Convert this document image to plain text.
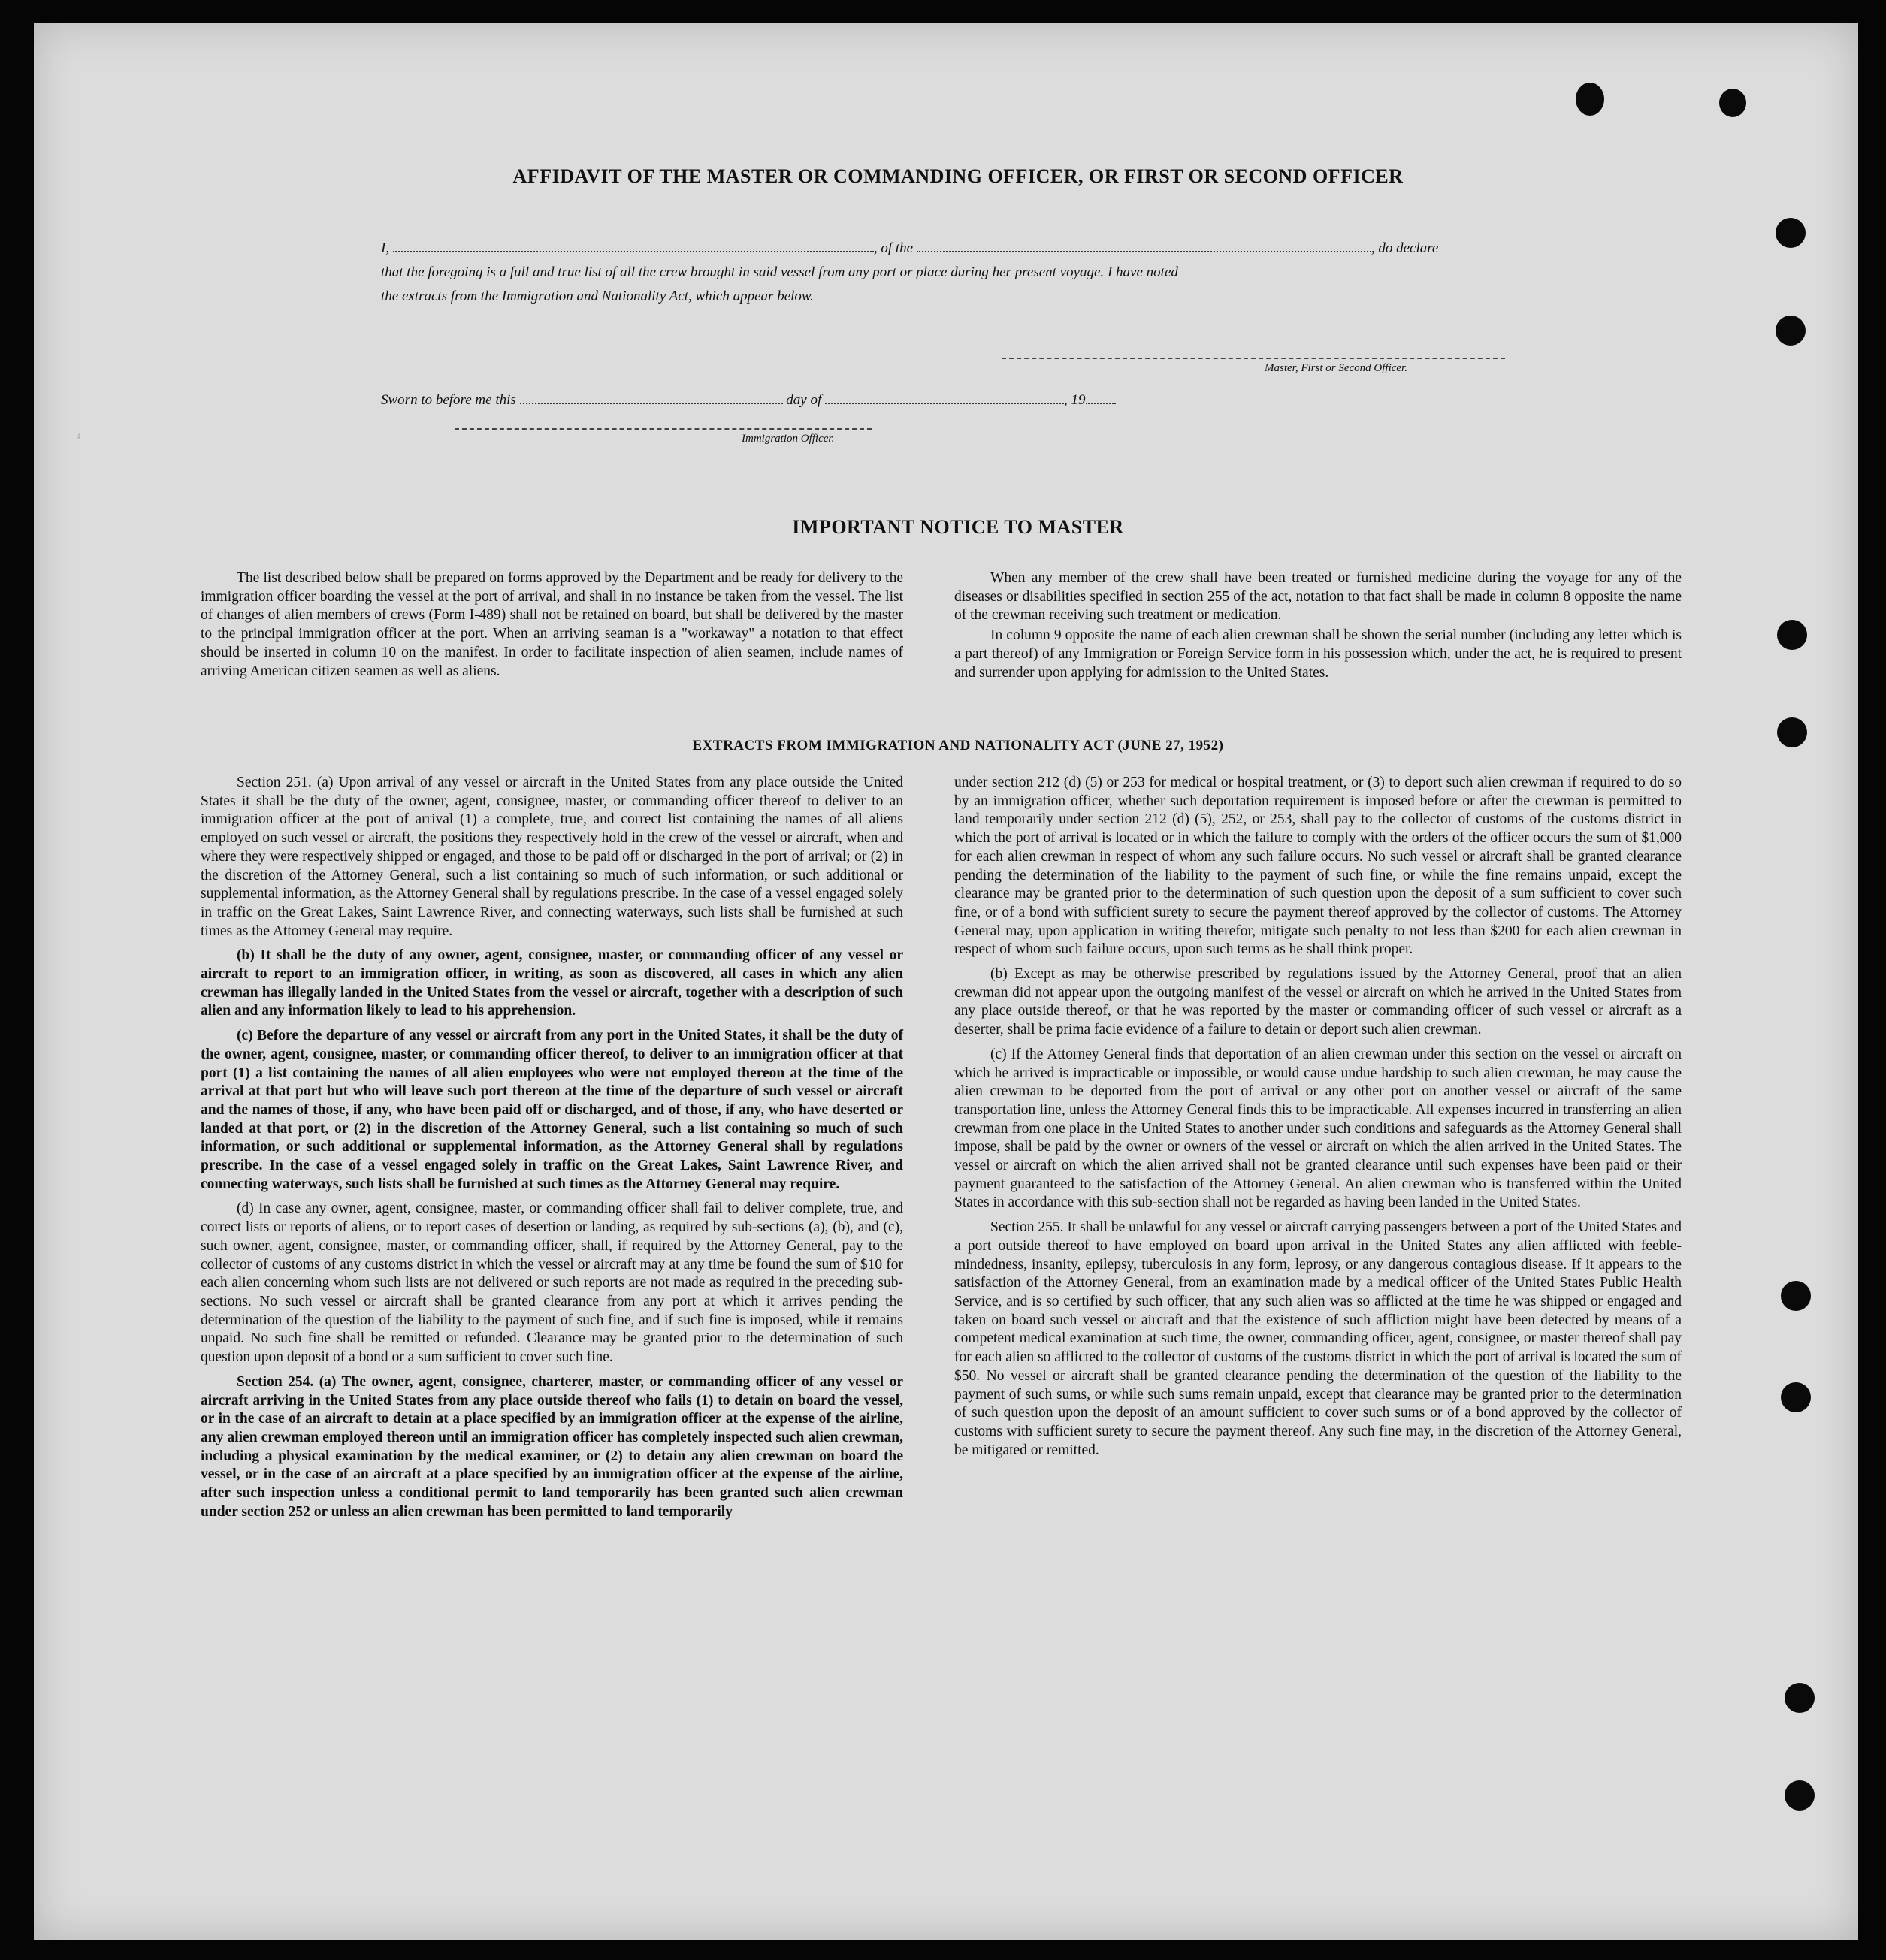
ʻ
AFFIDAVIT OF THE MASTER OR COMMANDING OFFICER, OR FIRST OR SECOND OFFICER
I,	, of the	, do declare
that the foregoing is a full and true list of all the crew brought in said vessel from any port or place during her present voyage. I have noted
the extracts from the Immigration and Nationality Act, which appear below.
Master, First or Second Officer.
Sworn to before me this	day of	, 19
Immigration Officer.
IMPORTANT NOTICE TO MASTER

The list described below shall be prepared on forms approved by the Department and be ready for delivery to the immigration officer boarding the vessel at the port of arrival, and shall in no instance be taken from the vessel. The list of changes of alien members of crews (Form I-489) shall not be retained on board, but shall be delivered by the master to the principal immigration officer at the port. When an arriving seaman is a "workaway" a notation to that effect should be inserted in column 10 on the manifest. In order to facilitate inspection of alien seamen, include names of arriving American citizen seamen as well as aliens.

When any member of the crew shall have been treated or furnished medicine during the voyage for any of the diseases or disabilities specified in section 255 of the act, notation to that fact shall be made in column 8 opposite the name of the crewman receiving such treatment or medication.

In column 9 opposite the name of each alien crewman shall be shown the serial number (including any letter which is a part thereof) of any Immigration or Foreign Service form in his possession which, under the act, he is required to present and surrender upon applying for admission to the United States.

EXTRACTS FROM IMMIGRATION AND NATIONALITY ACT (JUNE 27, 1952)

Section 251. (a) Upon arrival of any vessel or aircraft in the United States from any place outside the United States it shall be the duty of the owner, agent, consignee, master, or commanding officer thereof to deliver to an immigration officer at the port of arrival (1) a complete, true, and correct list containing the names of all aliens employed on such vessel or aircraft, the positions they respectively hold in the crew of the vessel or aircraft, when and where they were respectively shipped or engaged, and those to be paid off or discharged in the port of arrival; or (2) in the discretion of the Attorney General, such a list containing so much of such information, or such additional or supplemental information, as the Attorney General shall by regulations prescribe. In the case of a vessel engaged solely in traffic on the Great Lakes, Saint Lawrence River, and connecting waterways, such lists shall be furnished at such times as the Attorney General may require.

(b) It shall be the duty of any owner, agent, consignee, master, or commanding officer of any vessel or aircraft to report to an immigration officer, in writing, as soon as discovered, all cases in which any alien crewman has illegally landed in the United States from the vessel or aircraft, together with a description of such alien and any information likely to lead to his apprehension.

(c) Before the departure of any vessel or aircraft from any port in the United States, it shall be the duty of the owner, agent, consignee, master, or commanding officer thereof, to deliver to an immigration officer at that port (1) a list containing the names of all alien employees who were not employed thereon at the time of the arrival at that port but who will leave such port thereon at the time of the departure of such vessel or aircraft and the names of those, if any, who have been paid off or discharged, and of those, if any, who have deserted or landed at that port, or (2) in the discretion of the Attorney General, such a list containing so much of such information, or such additional or supplemental information, as the Attorney General shall by regulations prescribe. In the case of a vessel engaged solely in traffic on the Great Lakes, Saint Lawrence River, and connecting waterways, such lists shall be furnished at such times as the Attorney General may require.

(d) In case any owner, agent, consignee, master, or commanding officer shall fail to deliver complete, true, and correct lists or reports of aliens, or to report cases of desertion or landing, as required by sub-sections (a), (b), and (c), such owner, agent, consignee, master, or commanding officer, shall, if required by the Attorney General, pay to the collector of customs of any customs district in which the vessel or aircraft may at any time be found the sum of $10 for each alien concerning whom such lists are not delivered or such reports are not made as required in the preceding sub-sections. No such vessel or aircraft shall be granted clearance from any port at which it arrives pending the determination of the question of the liability to the payment of such fine, and if such fine is imposed, while it remains unpaid. No such fine shall be remitted or refunded. Clearance may be granted prior to the determination of such question upon deposit of a bond or a sum sufficient to cover such fine.

Section 254. (a) The owner, agent, consignee, charterer, master, or commanding officer of any vessel or aircraft arriving in the United States from any place outside thereof who fails (1) to detain on board the vessel, or in the case of an aircraft to detain at a place specified by an immigration officer at the expense of the airline, any alien crewman employed thereon until an immigration officer has completely inspected such alien crewman, including a physical examination by the medical examiner, or (2) to detain any alien crewman on board the vessel, or in the case of an aircraft at a place specified by an immigration officer at the expense of the airline, after such inspection unless a conditional permit to land temporarily has been granted such alien crewman under section 252 or unless an alien crewman has been permitted to land temporarily

under section 212 (d) (5) or 253 for medical or hospital treatment, or (3) to deport such alien crewman if required to do so by an immigration officer, whether such deportation requirement is imposed before or after the crewman is permitted to land temporarily under section 212 (d) (5), 252, or 253, shall pay to the collector of customs of the customs district in which the port of arrival is located or in which the failure to comply with the orders of the officer occurs the sum of $1,000 for each alien crewman in respect of whom any such failure occurs. No such vessel or aircraft shall be granted clearance pending the determination of the liability to the payment of such fine, or while the fine remains unpaid, except the clearance may be granted prior to the determination of such question upon the deposit of a sum sufficient to cover such fine, or of a bond with sufficient surety to secure the payment thereof approved by the collector of customs. The Attorney General may, upon application in writing therefor, mitigate such penalty to not less than $200 for each alien crewman in respect of whom such failure occurs, upon such terms as he shall think proper.

(b) Except as may be otherwise prescribed by regulations issued by the Attorney General, proof that an alien crewman did not appear upon the outgoing manifest of the vessel or aircraft on which he arrived in the United States from any place outside thereof, or that he was reported by the master or commanding officer of such vessel or aircraft as a deserter, shall be prima facie evidence of a failure to detain or deport such alien crewman.

(c) If the Attorney General finds that deportation of an alien crewman under this section on the vessel or aircraft on which he arrived is impracticable or impossible, or would cause undue hardship to such alien crewman, he may cause the alien crewman to be deported from the port of arrival or any other port on another vessel or aircraft of the same transportation line, unless the Attorney General finds this to be impracticable. All expenses incurred in transferring an alien crewman from one place in the United States to another under such conditions and safeguards as the Attorney General shall impose, shall be paid by the owner or owners of the vessel or aircraft on which the alien arrived in the United States. The vessel or aircraft on which the alien arrived shall not be granted clearance until such expenses have been paid or their payment guaranteed to the satisfaction of the Attorney General. An alien crewman who is transferred within the United States in accordance with this sub-section shall not be regarded as having been landed in the United States.

Section 255. It shall be unlawful for any vessel or aircraft carrying passengers between a port of the United States and a port outside thereof to have employed on board upon arrival in the United States any alien afflicted with feeble-mindedness, insanity, epilepsy, tuberculosis in any form, leprosy, or any dangerous contagious disease. If it appears to the satisfaction of the Attorney General, from an examination made by a medical officer of the United States Public Health Service, and is so certified by such officer, that any such alien was so afflicted at the time he was shipped or engaged and taken on board such vessel or aircraft and that the existence of such affliction might have been detected by means of a competent medical examination at such time, the owner, commanding officer, agent, consignee, or master thereof shall pay for each alien so afflicted to the collector of customs of the customs district in which the port of arrival is located the sum of $50. No vessel or aircraft shall be granted clearance pending the determination of the question of the liability to the payment of such sums, or while such sums remain unpaid, except that clearance may be granted prior to the determination of such question upon the deposit of an amount sufficient to cover such sums or of a bond approved by the collector of customs with sufficient surety to secure the payment thereof. Any such fine may, in the discretion of the Attorney General, be mitigated or remitted.
